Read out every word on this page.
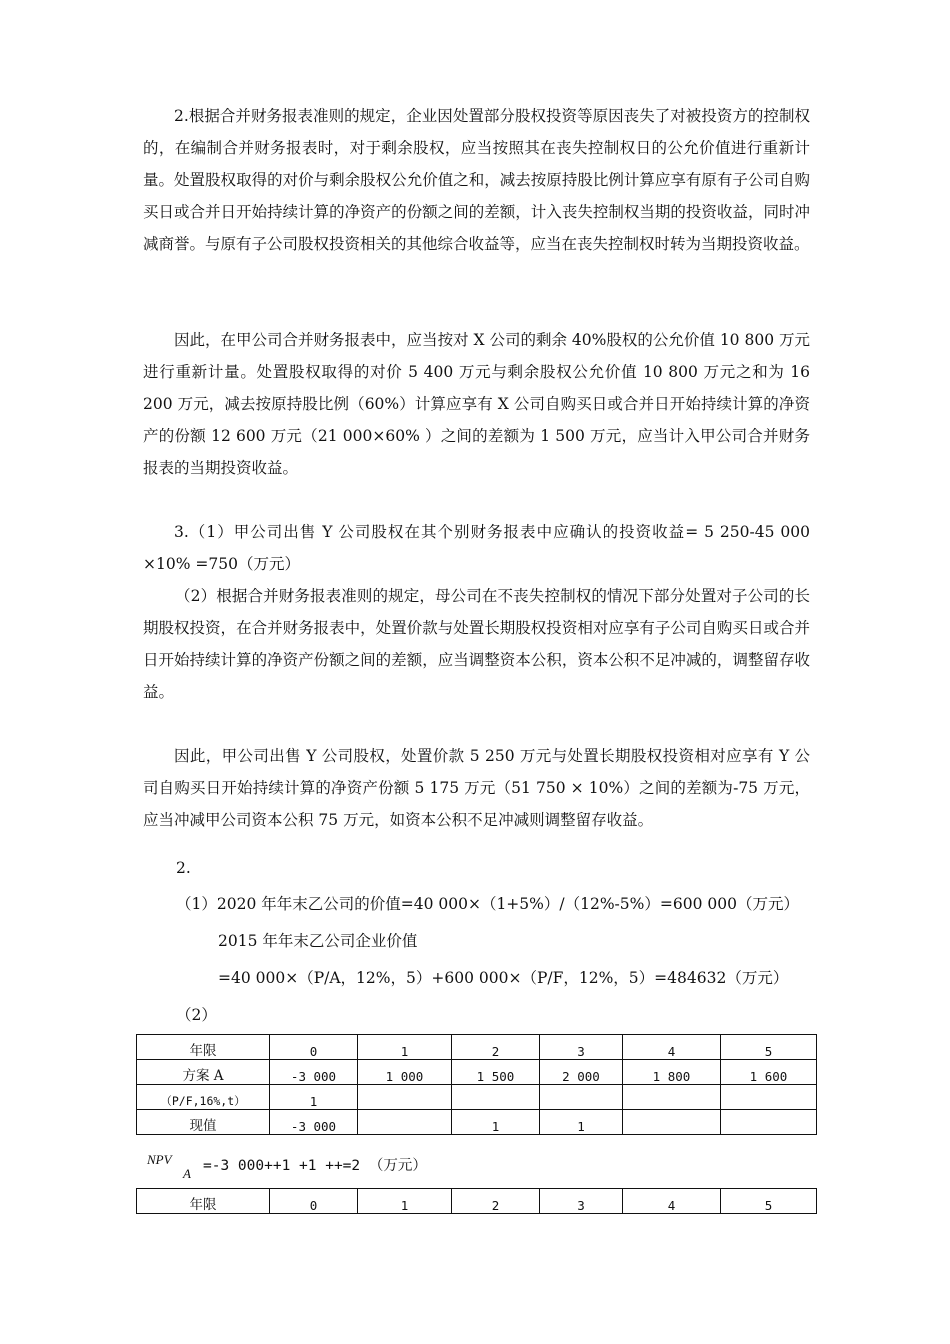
2.根据合并财务报表准则的规定，企业因处置部分股权投资等原因丧失了对被投资方的控制权的，在编制合并财务报表时，对于剩余股权，应当按照其在丧失控制权日的公允价值进行重新计量。处置股权取得的对价与剩余股权公允价值之和，减去按原持股比例计算应享有原有子公司自购买日或合并日开始持续计算的净资产的份额之间的差额，计入丧失控制权当期的投资收益，同时冲减商誉。与原有子公司股权投资相关的其他综合收益等，应当在丧失控制权时转为当期投资收益。

因此，在甲公司合并财务报表中，应当按对 X 公司的剩余 40%股权的公允价值 10 800 万元进行重新计量。处置股权取得的对价 5 400 万元与剩余股权公允价值 10 800 万元之和为 16 200 万元，减去按原持股比例（60%）计算应享有 X 公司自购买日或合并日开始持续计算的净资产的份额 12 600 万元（21 000×60% ）之间的差额为 1 500 万元，应当计入甲公司合并财务报表的当期投资收益。

3.（1）甲公司出售 Y 公司股权在其个别财务报表中应确认的投资收益= 5 250-45 000 ×10% =750（万元）

（2）根据合并财务报表准则的规定，母公司在不丧失控制权的情况下部分处置对子公司的长期股权投资，在合并财务报表中，处置价款与处置长期股权投资相对应享有子公司自购买日或合并日开始持续计算的净资产份额之间的差额，应当调整资本公积，资本公积不足冲减的，调整留存收益。

因此，甲公司出售 Y 公司股权，处置价款 5 250 万元与处置长期股权投资相对应享有 Y 公司自购买日开始持续计算的净资产份额 5 175 万元（51 750 × 10%）之间的差额为-75 万元，应当冲减甲公司资本公积 75 万元，如资本公积不足冲减则调整留存收益。

2.

（1）2020 年年末乙公司的价值=40 000×（1+5%）/（12%-5%）=600 000（万元）

2015 年年末乙公司企业价值

=40 000×（P/A，12%，5）+600 000×（P/F，12%，5）=484632（万元）

（2）

年限	0	1	2	3	4	5
方案 A	-3 000	1 000	1 500	2 000	1 800	1 600
（P/F,16%,t）	1					
现值	-3 000		1	1		
NPV
A =-3 000++1 +1 ++=2 （万元）
年限	0	1	2	3	4	5
